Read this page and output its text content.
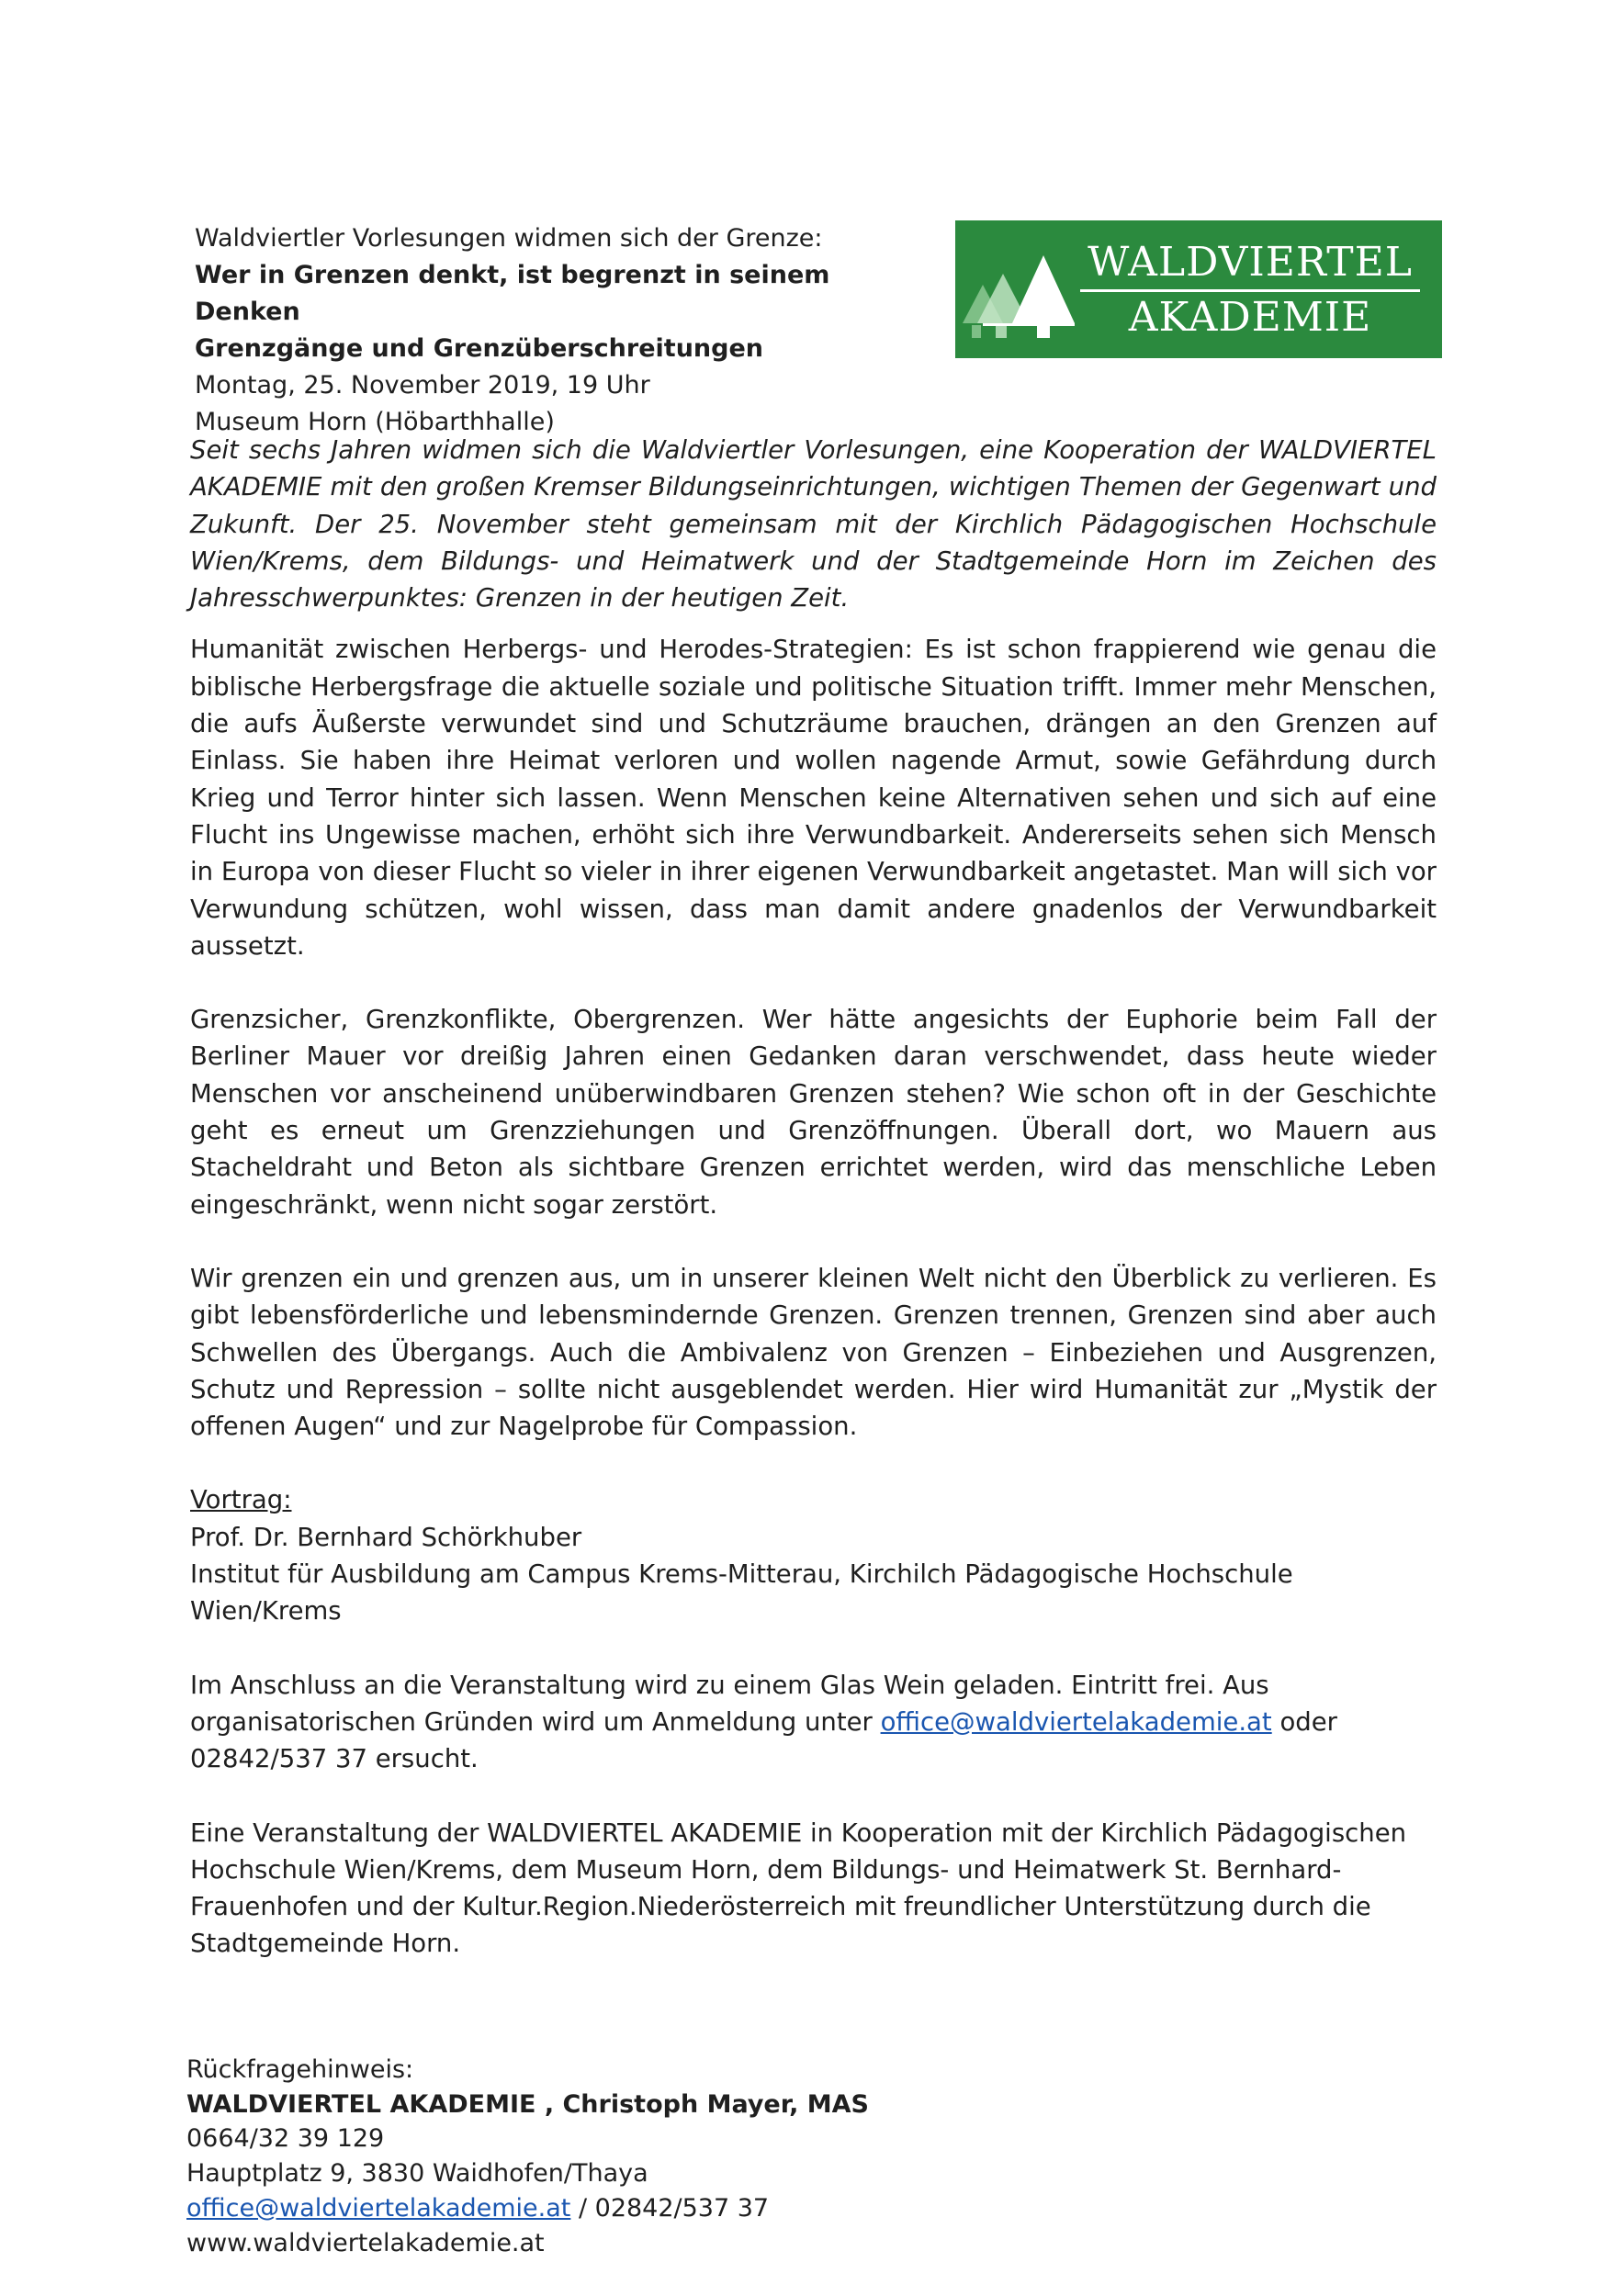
Waldviertler Vorlesungen widmen sich der Grenze:
Wer in Grenzen denkt, ist begrenzt in seinem Denken
Grenzgänge und Grenzüberschreitungen
Montag, 25. November 2019, 19 Uhr
Museum Horn (Höbarthhalle)
WALDVIERTEL
AKADEMIE

Seit sechs Jahren widmen sich die Waldviertler Vorlesungen, eine Kooperation der WALDVIERTEL AKADEMIE mit den großen Kremser Bildungseinrichtungen, wichtigen Themen der Gegenwart und Zukunft. Der 25. November steht gemeinsam mit der Kirchlich Pädagogischen Hochschule Wien/Krems, dem Bildungs- und Heimatwerk und der Stadtgemeinde Horn im Zeichen des Jahresschwerpunktes: Grenzen in der heutigen Zeit.

Humanität zwischen Herbergs- und Herodes-Strategien: Es ist schon frappierend wie genau die biblische Herbergsfrage die aktuelle soziale und politische Situation trifft. Immer mehr Menschen, die aufs Äußerste verwundet sind und Schutzräume brauchen, drängen an den Grenzen auf Einlass. Sie haben ihre Heimat verloren und wollen nagende Armut, sowie Gefährdung durch Krieg und Terror hinter sich lassen. Wenn Menschen keine Alternativen sehen und sich auf eine Flucht ins Ungewisse machen, erhöht sich ihre Verwundbarkeit. Andererseits sehen sich Mensch in Europa von dieser Flucht so vieler in ihrer eigenen Verwundbarkeit angetastet. Man will sich vor Verwundung schützen, wohl wissen, dass man damit andere gnadenlos der Verwundbarkeit aussetzt.

Grenzsicher, Grenzkonflikte, Obergrenzen. Wer hätte angesichts der Euphorie beim Fall der Berliner Mauer vor dreißig Jahren einen Gedanken daran verschwendet, dass heute wieder Menschen vor anscheinend unüberwindbaren Grenzen stehen? Wie schon oft in der Geschichte geht es erneut um Grenzziehungen und Grenzöffnungen. Überall dort, wo Mauern aus Stacheldraht und Beton als sichtbare Grenzen errichtet werden, wird das menschliche Leben eingeschränkt, wenn nicht sogar zerstört.

Wir grenzen ein und grenzen aus, um in unserer kleinen Welt nicht den Überblick zu verlieren. Es gibt lebensförderliche und lebensmindernde Grenzen. Grenzen trennen, Grenzen sind aber auch Schwellen des Übergangs. Auch die Ambivalenz von Grenzen – Einbeziehen und Ausgrenzen, Schutz und Repression – sollte nicht ausgeblendet werden. Hier wird Humanität zur „Mystik der offenen Augen“ und zur Nagelprobe für Compassion.

Vortrag:
Prof. Dr. Bernhard Schörkhuber
Institut für Ausbildung am Campus Krems-Mitterau, Kirchilch Pädagogische Hochschule Wien/Krems

Im Anschluss an die Veranstaltung wird zu einem Glas Wein geladen. Eintritt frei. Aus organisatorischen Gründen wird um Anmeldung unter office@waldviertelakademie.at oder 02842/537 37 ersucht.

Eine Veranstaltung der WALDVIERTEL AKADEMIE in Kooperation mit der Kirchlich Pädagogischen Hochschule Wien/Krems, dem Museum Horn, dem Bildungs- und Heimatwerk St. Bernhard-Frauenhofen und der Kultur.Region.Niederösterreich mit freundlicher Unterstützung durch die Stadtgemeinde Horn.

Rückfragehinweis:
WALDVIERTEL AKADEMIE , Christoph Mayer, MAS
0664/32 39 129
Hauptplatz 9, 3830 Waidhofen/Thaya
office@waldviertelakademie.at / 02842/537 37
www.waldviertelakademie.at
